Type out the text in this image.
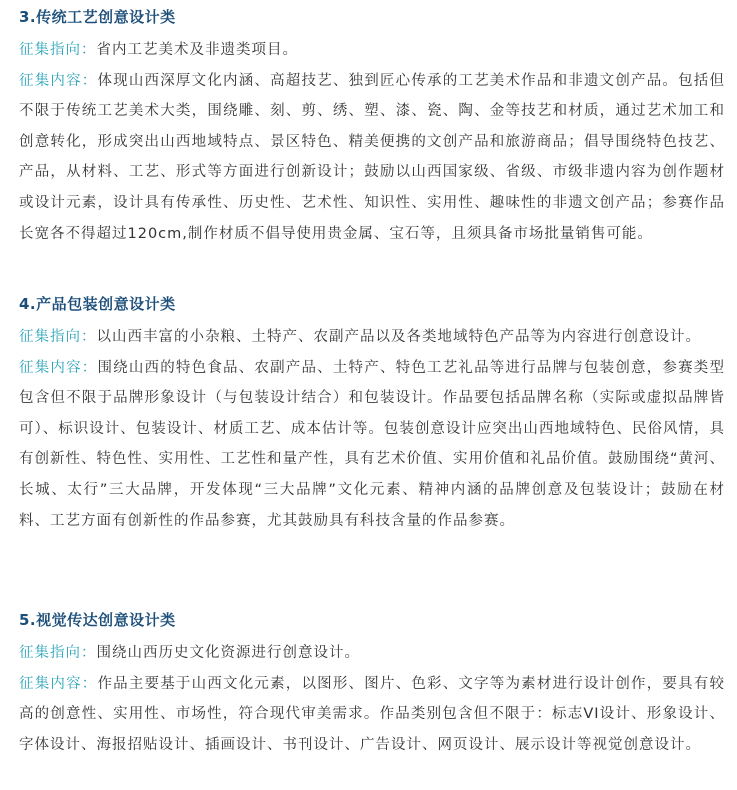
3.传统工艺创意设计类

征集指向：省内工艺美术及非遗类项目。

征集内容：体现山西深厚文化内涵、高超技艺、独到匠心传承的工艺美术作品和非遗文创产品。包括但不限于传统工艺美术大类，围绕雕、刻、剪、绣、塑、漆、瓷、陶、金等技艺和材质，通过艺术加工和创意转化，形成突出山西地域特点、景区特色、精美便携的文创产品和旅游商品；倡导围绕特色技艺、产品，从材料、工艺、形式等方面进行创新设计；鼓励以山西国家级、省级、市级非遗内容为创作题材或设计元素，设计具有传承性、历史性、艺术性、知识性、实用性、趣味性的非遗文创产品；参赛作品长宽各不得超过120cm,制作材质不倡导使用贵金属、宝石等，且须具备市场批量销售可能。

4.产品包装创意设计类

征集指向：以山西丰富的小杂粮、土特产、农副产品以及各类地域特色产品等为内容进行创意设计。

征集内容：围绕山西的特色食品、农副产品、土特产、特色工艺礼品等进行品牌与包装创意，参赛类型包含但不限于品牌形象设计（与包装设计结合）和包装设计。作品要包括品牌名称（实际或虚拟品牌皆可）、标识设计、包装设计、材质工艺、成本估计等。包装创意设计应突出山西地域特色、民俗风情，具有创新性、特色性、实用性、工艺性和量产性，具有艺术价值、实用价值和礼品价值。鼓励围绕“黄河、长城、太行”三大品牌，开发体现“三大品牌”文化元素、精神内涵的品牌创意及包装设计；鼓励在材料、工艺方面有创新性的作品参赛，尤其鼓励具有科技含量的作品参赛。

5.视觉传达创意设计类

征集指向：围绕山西历史文化资源进行创意设计。

征集内容：作品主要基于山西文化元素，以图形、图片、色彩、文字等为素材进行设计创作，要具有较高的创意性、实用性、市场性，符合现代审美需求。作品类别包含但不限于：标志VI设计、形象设计、字体设计、海报招贴设计、插画设计、书刊设计、广告设计、网页设计、展示设计等视觉创意设计。
